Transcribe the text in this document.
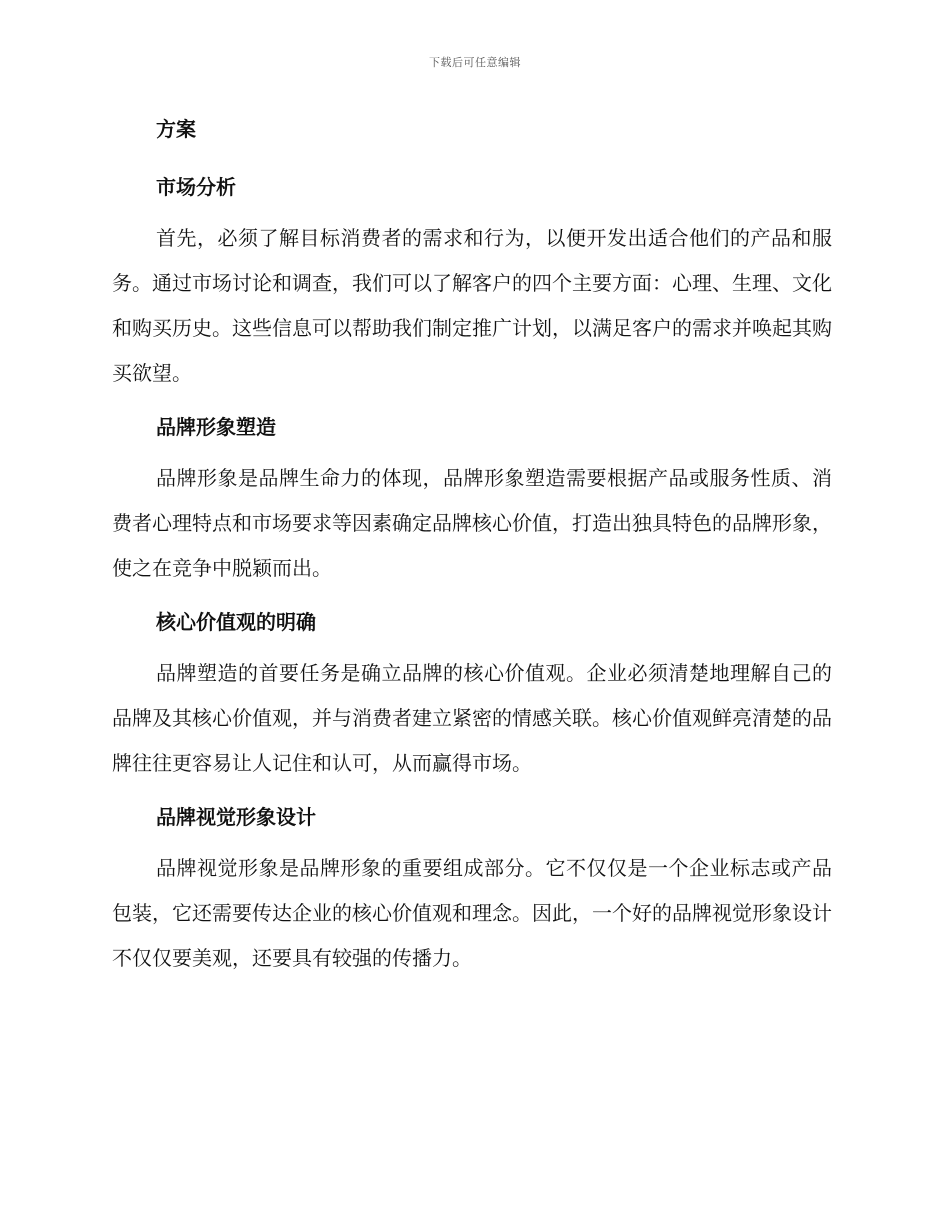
下载后可任意编辑
方案
市场分析

首先，必须了解目标消费者的需求和行为，以便开发出适合他们的产品和服务。通过市场讨论和调查，我们可以了解客户的四个主要方面：心理、生理、文化和购买历史。这些信息可以帮助我们制定推广计划，以满足客户的需求并唤起其购买欲望。

品牌形象塑造

品牌形象是品牌生命力的体现，品牌形象塑造需要根据产品或服务性质、消费者心理特点和市场要求等因素确定品牌核心价值，打造出独具特色的品牌形象，使之在竞争中脱颖而出。

核心价值观的明确

品牌塑造的首要任务是确立品牌的核心价值观。企业必须清楚地理解自己的品牌及其核心价值观，并与消费者建立紧密的情感关联。核心价值观鲜亮清楚的品牌往往更容易让人记住和认可，从而赢得市场。

品牌视觉形象设计

品牌视觉形象是品牌形象的重要组成部分。它不仅仅是一个企业标志或产品包装，它还需要传达企业的核心价值观和理念。因此，一个好的品牌视觉形象设计不仅仅要美观，还要具有较强的传播力。
